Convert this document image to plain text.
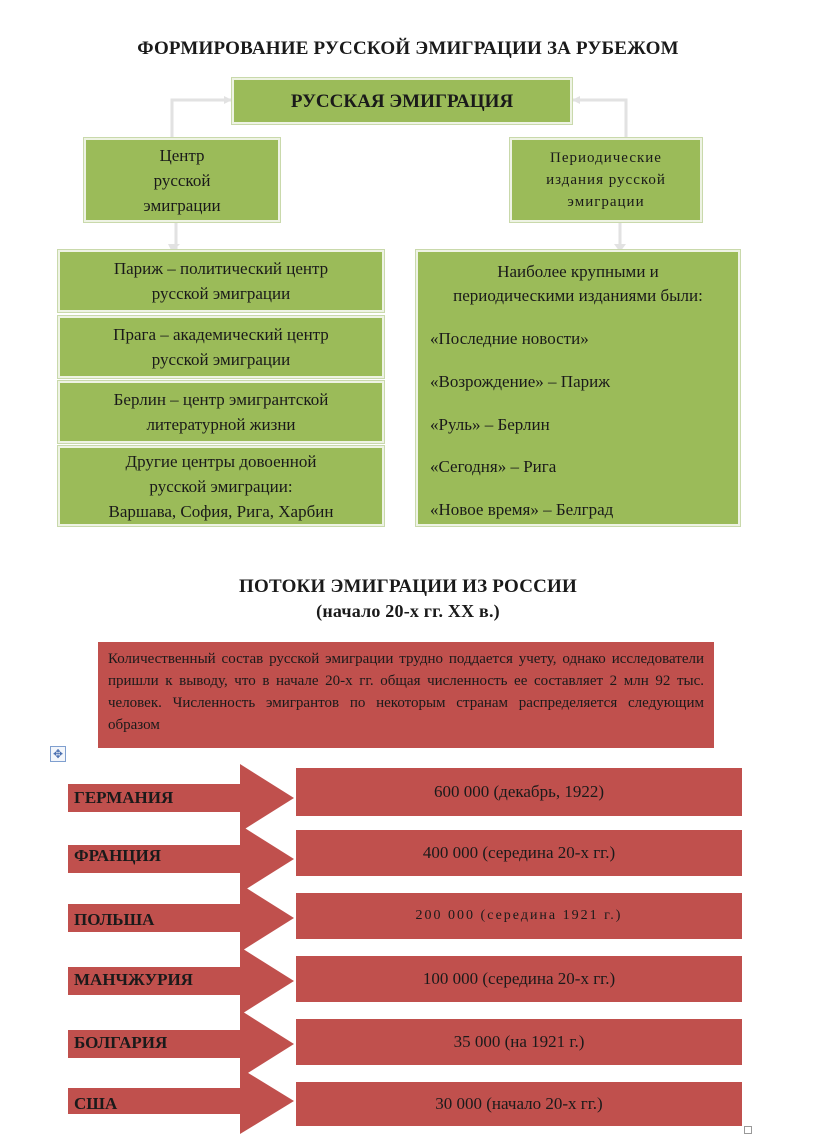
ФОРМИРОВАНИЕ РУССКОЙ ЭМИГРАЦИИ ЗА РУБЕЖОМ
РУССКАЯ ЭМИГРАЦИЯ
Центр
русской
эмиграции
Периодические
издания русской
эмиграции
Париж – политический центр
русской эмиграции
Прага – академический центр
русской эмиграции
Берлин – центр эмигрантской
литературной жизни
Другие центры довоенной
русской эмиграции:
Варшава, София, Рига, Харбин
Наиболее крупными и
периодическими изданиями были:
«Последние новости»
«Возрождение» – Париж
«Руль» – Берлин
«Сегодня» – Рига
«Новое время» – Белград
ПОТОКИ ЭМИГРАЦИИ ИЗ РОССИИ
(начало 20-х гг. XX в.)
Количественный состав русской эмиграции трудно поддается учету, однако исследователи пришли к выводу, что в начале 20-х гг. общая численность ее составляет 2 млн 92 тыс. человек. Численность эмигрантов по некоторым странам распределяется следующим образом
✥
ГЕРМАНИЯ	600 000 (декабрь, 1922)
ФРАНЦИЯ	400 000 (середина 20-х гг.)
ПОЛЬША	200 000 (середина 1921 г.)
МАНЧЖУРИЯ	100 000 (середина 20-х гг.)
БОЛГАРИЯ	35 000 (на 1921 г.)
США	30 000 (начало 20-х гг.)
